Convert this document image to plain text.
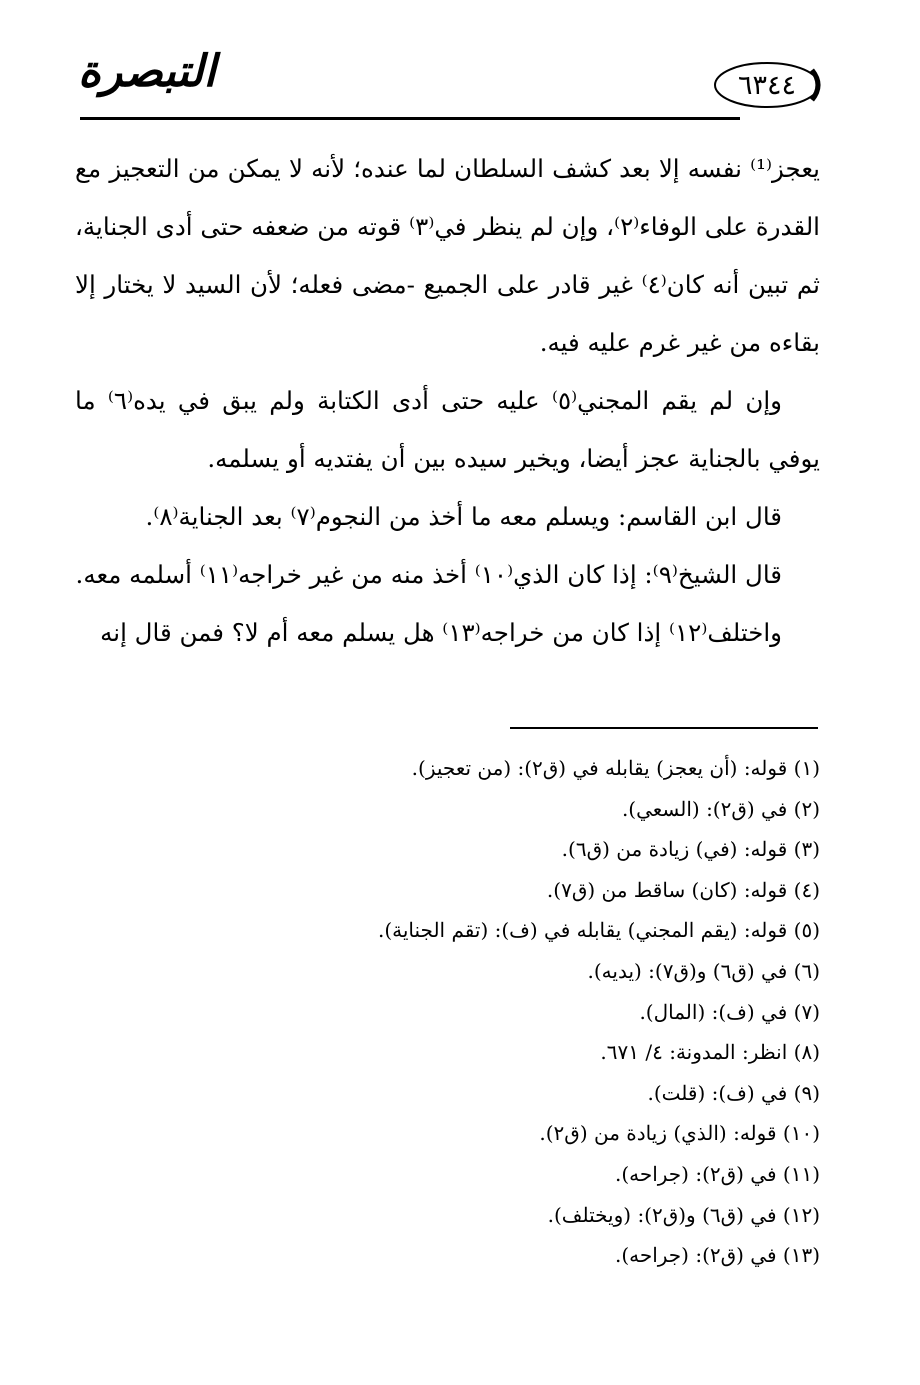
التبصرة	٦٣٤٤

يعجز⁽¹⁾ نفسه إلا بعد كشف السلطان لما عنده؛ لأنه لا يمكن من التعجيز مع القدرة على الوفاء⁽٢⁾، وإن لم ينظر في⁽٣⁾ قوته من ضعفه حتى أدى الجناية، ثم تبين أنه كان⁽٤⁾ غير قادر على الجميع -مضى فعله؛ لأن السيد لا يختار إلا بقاءه من غير غرم عليه فيه.

وإن لم يقم المجني⁽٥⁾ عليه حتى أدى الكتابة ولم يبق في يده⁽٦⁾ ما يوفي بالجناية عجز أيضا، ويخير سيده بين أن يفتديه أو يسلمه.

قال ابن القاسم: ويسلم معه ما أخذ من النجوم⁽٧⁾ بعد الجناية⁽٨⁾.

قال الشيخ⁽٩⁾: إذا كان الذي⁽١٠⁾ أخذ منه من غير خراجه⁽١١⁾ أسلمه معه.

واختلف⁽١٢⁾ إذا كان من خراجه⁽١٣⁾ هل يسلم معه أم لا؟ فمن قال إنه

(١) قوله: (أن يعجز) يقابله في (ق٢): (من تعجيز).

(٢) في (ق٢): (السعي).

(٣) قوله: (في) زيادة من (ق٦).

(٤) قوله: (كان) ساقط من (ق٧).

(٥) قوله: (يقم المجني) يقابله في (ف): (تقم الجناية).

(٦) في (ق٦) و(ق٧): (يديه).

(٧) في (ف): (المال).

(٨) انظر: المدونة: ٤/ ٦٧١.

(٩) في (ف): (قلت).

(١٠) قوله: (الذي) زيادة من (ق٢).

(١١) في (ق٢): (جراحه).

(١٢) في (ق٦) و(ق٢): (ويختلف).

(١٣) في (ق٢): (جراحه).
